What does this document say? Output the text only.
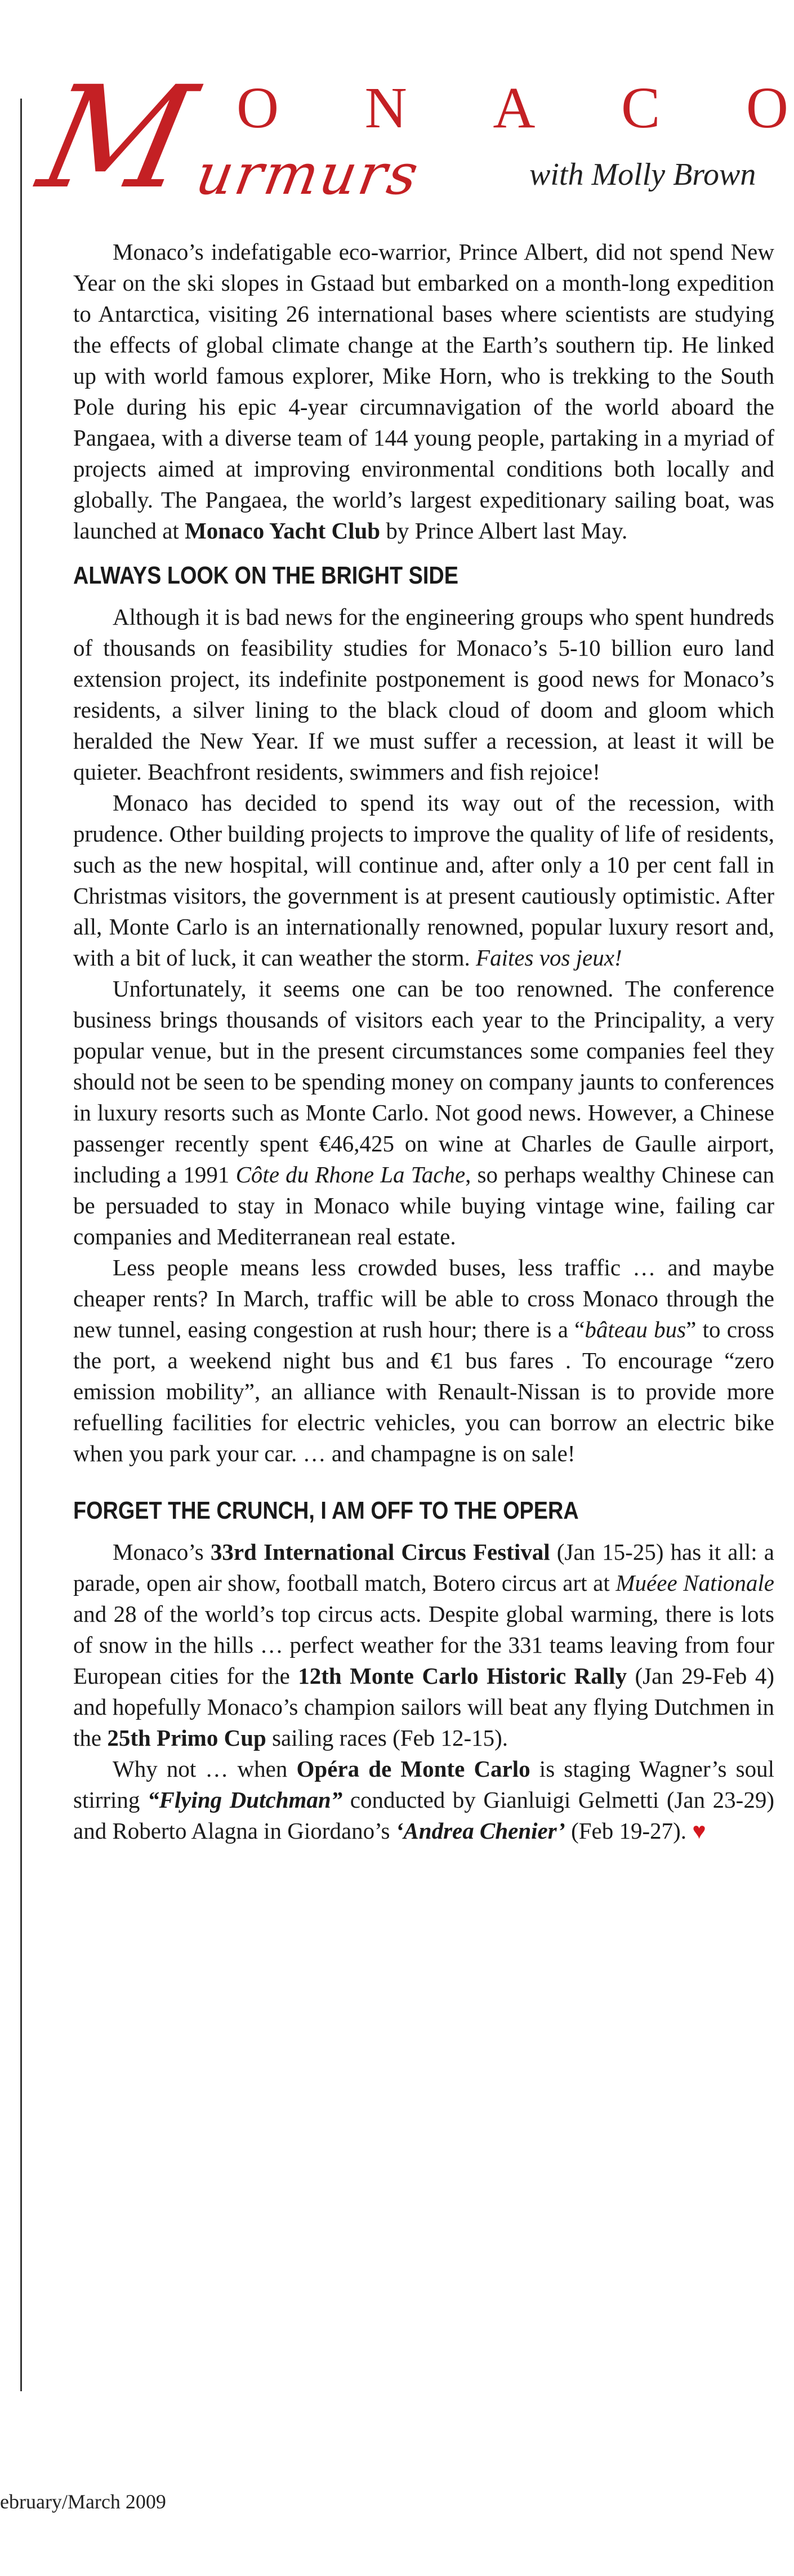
M O N A C O
urmurs	with Molly Brown

Monaco’s indefatigable eco-warrior, Prince Albert, did not spend New Year on the ski slopes in Gstaad but embarked on a month-long expedition to Antarctica, visiting 26 international bases where scientists are studying the effects of global climate change at the Earth’s southern tip. He linked up with world famous explorer, Mike Horn, who is trekking to the South Pole during his epic 4-year circumnavigation of the world aboard the Pangaea, with a diverse team of 144 young people, partaking in a myriad of projects aimed at improving environmental conditions both locally and globally. The Pangaea, the world’s largest expeditionary sailing boat, was launched at Monaco Yacht Club by Prince Albert last May.

ALWAYS LOOK ON THE BRIGHT SIDE

Although it is bad news for the engineering groups who spent hundreds of thousands on feasibility studies for Monaco’s 5-10 billion euro land extension project, its indefinite postponement is good news for Monaco’s residents, a silver lining to the black cloud of doom and gloom which heralded the New Year. If we must suffer a recession, at least it will be quieter. Beachfront residents, swimmers and fish rejoice!

Monaco has decided to spend its way out of the recession, with prudence. Other building projects to improve the quality of life of residents, such as the new hospital, will continue and, after only a 10 per cent fall in Christmas visitors, the government is at present cautiously optimistic. After all, Monte Carlo is an internationally renowned, popular luxury resort and, with a bit of luck, it can weather the storm. Faites vos jeux!

Unfortunately, it seems one can be too renowned. The conference business brings thousands of visitors each year to the Principality, a very popular venue, but in the present circumstances some companies feel they should not be seen to be spending money on company jaunts to conferences in luxury resorts such as Monte Carlo. Not good news. However, a Chinese passenger recently spent €46,425 on wine at Charles de Gaulle airport, including a 1991 Côte du Rhone La Tache, so perhaps wealthy Chinese can be persuaded to stay in Monaco while buying vintage wine, failing car companies and Mediterranean real estate.

Less people means less crowded buses, less traffic … and maybe cheaper rents? In March, traffic will be able to cross Monaco through the new tunnel, easing congestion at rush hour; there is a “bâteau bus” to cross the port, a weekend night bus and €1 bus fares . To encourage “zero emission mobility”, an alliance with Renault-Nissan is to provide more refuelling facilities for electric vehicles, you can borrow an electric bike when you park your car. … and champagne is on sale!

FORGET THE CRUNCH, I AM OFF TO THE OPERA

Monaco’s 33rd International Circus Festival (Jan 15-25) has it all: a parade, open air show, football match, Botero circus art at Muéee Nationale and 28 of the world’s top circus acts. Despite global warming, there is lots of snow in the hills … perfect weather for the 331 teams leaving from four European cities for the 12th Monte Carlo Historic Rally (Jan 29-Feb 4) and hopefully Monaco’s champion sailors will beat any flying Dutchmen in the 25th Primo Cup sailing races (Feb 12-15).

Why not … when Opéra de Monte Carlo is staging Wagner’s soul stirring “Flying Dutchman” conducted by Gianluigi Gelmetti (Jan 23-29) and Roberto Alagna in Giordano’s ‘Andrea Chenier’ (Feb 19-27). ♥

ebruary/March 2009
